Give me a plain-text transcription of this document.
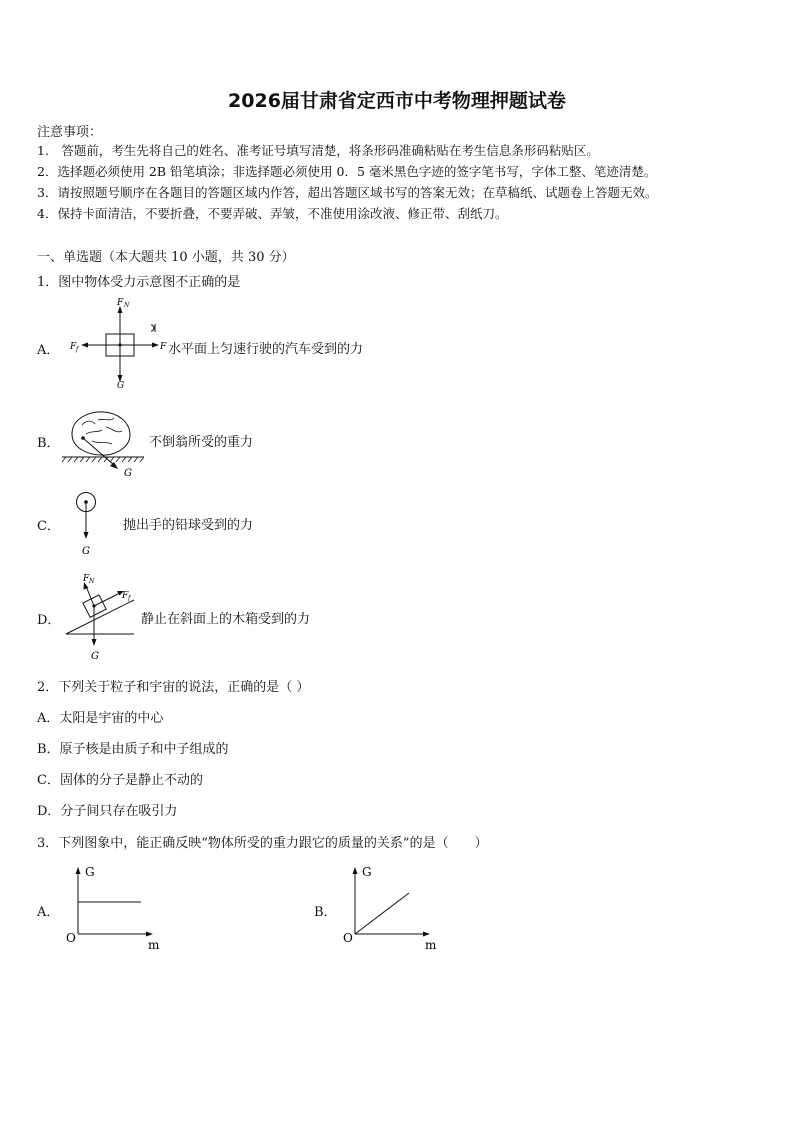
2026届甘肃省定西市中考物理押题试卷
注意事项：
1.　答题前，考生先将自己的姓名、准考证号填写清楚，将条形码准确粘贴在考生信息条形码粘贴区。
2．选择题必须使用 2B 铅笔填涂；非选择题必须使用 0．5 毫米黑色字迹的签字笔书写，字体工整、笔迹清楚。
3．请按照题号顺序在各题目的答题区域内作答，超出答题区域书写的答案无效；在草稿纸、试题卷上答题无效。
4．保持卡面清洁，不要折叠，不要弄破、弄皱，不准使用涂改液、修正带、刮纸刀。
一、单选题（本大题共 10 小题，共 30 分）
1．图中物体受力示意图不正确的是
A．
F N
F f	F
G
水平面上匀速行驶的汽车受到的力
B．
G
不倒翁所受的重力
C．
G
抛出手的铅球受到的力
D．
F N
F f
G
静止在斜面上的木箱受到的力
2．下列关于粒子和宇宙的说法，正确的是（ ）
A．太阳是宇宙的中心
B．原子核是由质子和中子组成的
C．固体的分子是静止不动的
D．分子间只存在吸引力
3．下列图象中，能正确反映“物体所受的重力跟它的质量的关系”的是（　　）
A．
G
m
O
B．
G
m
O
